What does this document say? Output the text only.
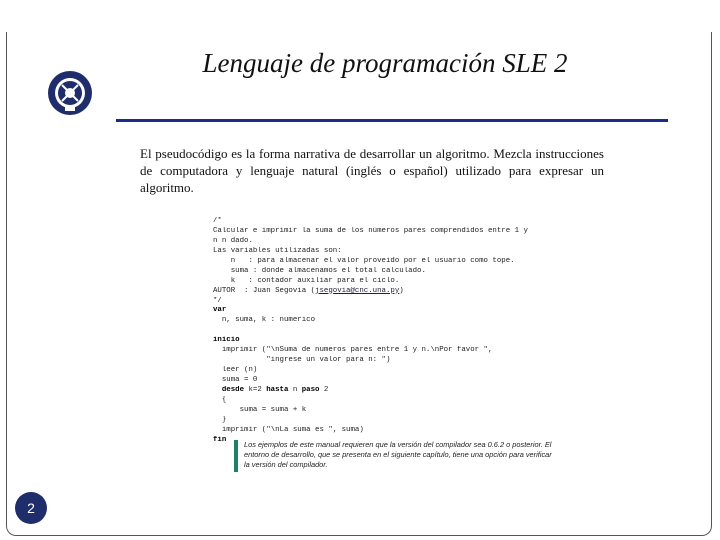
Lenguaje de programación SLE 2
El pseudocódigo es la forma narrativa de desarrollar un algoritmo. Mezcla instrucciones de computadora y lenguaje natural (inglés o español) utilizado para expresar un algoritmo.
/*
Calcular e imprimir la suma de los números pares comprendidos entre 1 y
n n dado.
Las variables utilizadas son:
n   : para almacenar el valor proveido por el usuario como tope.
suma : donde almacenamos el total calculado.
k   : contador auxiliar para el ciclo.
AUTOR  : Juan Segovia (jsegovia@cnc.una.py)
*/
var
n, suma, k : numerico
inicio
imprimir ("\nSuma de numeros pares entre 1 y n.\nPor favor ",
"ingrese un valor para n: ")
leer (n)
suma = 0
desde k=2 hasta n paso 2
{
suma = suma + k
}
imprimir ("\nLa suma es ", suma)
fin
Los ejemplos de este manual requieren que la versión del compilador sea 0.6.2 o posterior. El entorno de desarrollo, que se presenta en el siguiente capítulo, tiene una opción para verificar la versión del compilador.
2
